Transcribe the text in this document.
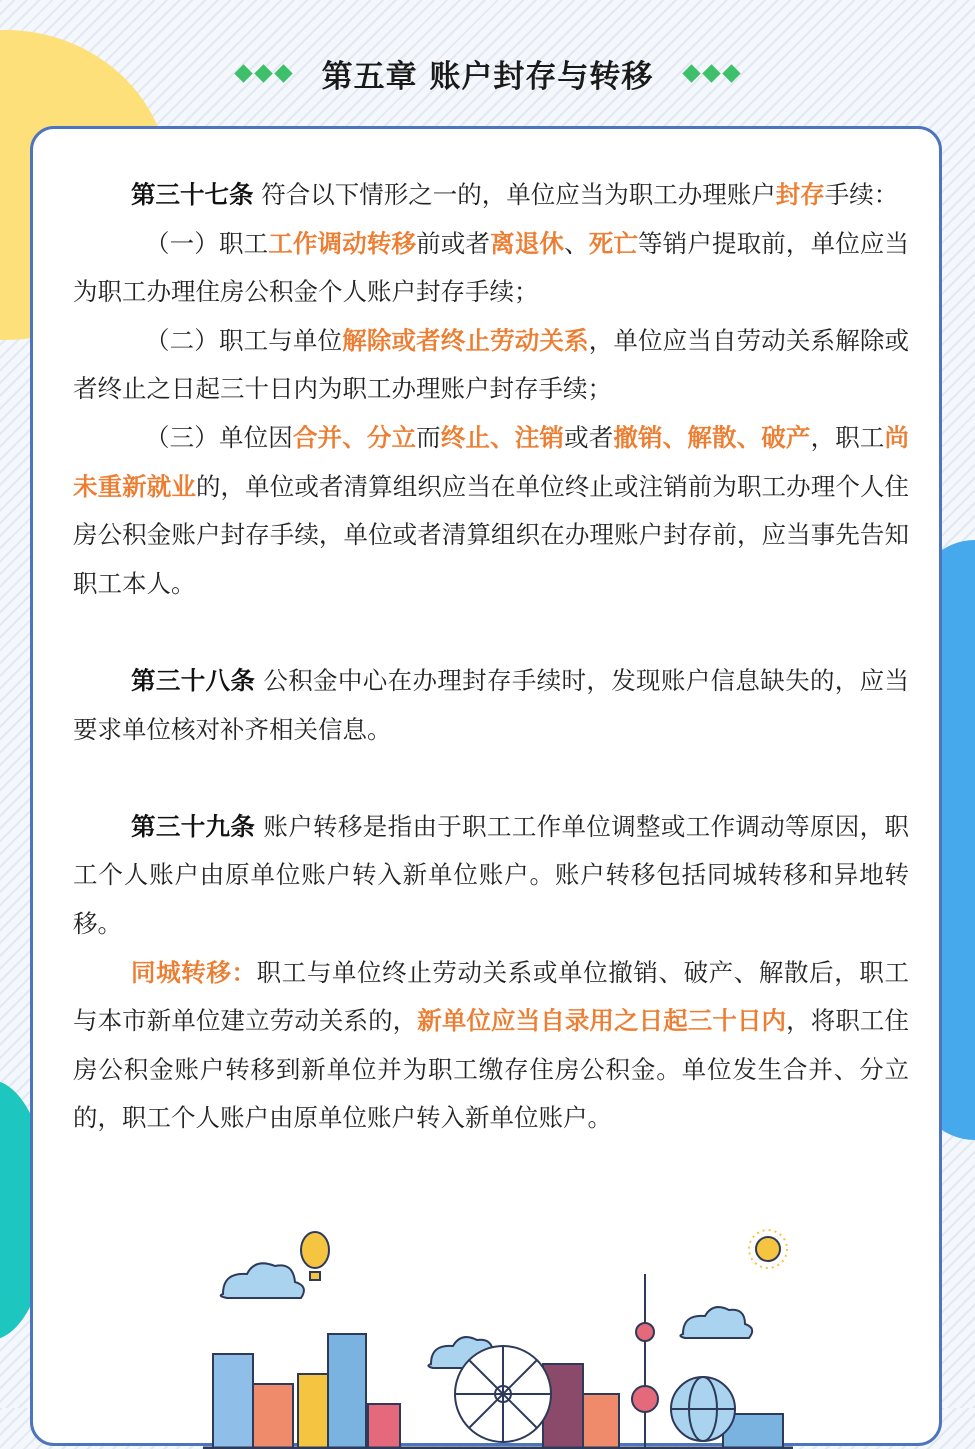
第五章 账户封存与转移

第三十七条 符合以下情形之一的，单位应当为职工办理账户封存手续：

（一）职工工作调动转移前或者离退休、死亡等销户提取前，单位应当为职工办理住房公积金个人账户封存手续；

（二）职工与单位解除或者终止劳动关系，单位应当自劳动关系解除或者终止之日起三十日内为职工办理账户封存手续；

（三）单位因合并、分立而终止、注销或者撤销、解散、破产，职工尚未重新就业的，单位或者清算组织应当在单位终止或注销前为职工办理个人住房公积金账户封存手续，单位或者清算组织在办理账户封存前，应当事先告知职工本人。

第三十八条 公积金中心在办理封存手续时，发现账户信息缺失的，应当要求单位核对补齐相关信息。

第三十九条 账户转移是指由于职工工作单位调整或工作调动等原因，职工个人账户由原单位账户转入新单位账户。账户转移包括同城转移和异地转移。

同城转移：职工与单位终止劳动关系或单位撤销、破产、解散后，职工与本市新单位建立劳动关系的，新单位应当自录用之日起三十日内，将职工住房公积金账户转移到新单位并为职工缴存住房公积金。单位发生合并、分立的，职工个人账户由原单位账户转入新单位账户。
